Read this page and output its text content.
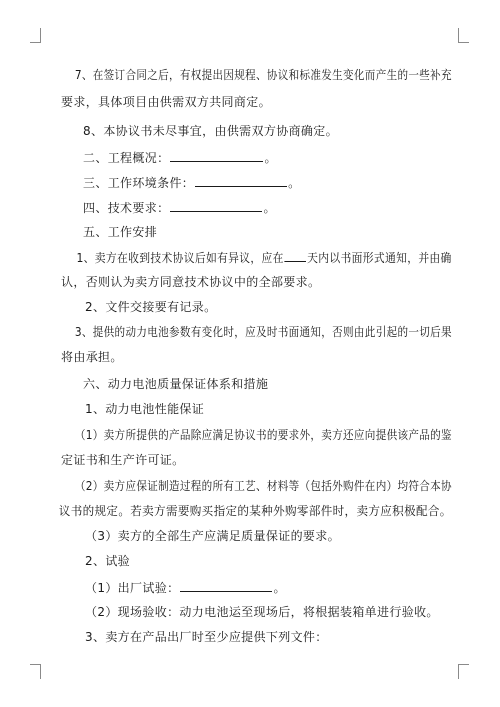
7、在签订合同之后，有权提出因规程、协议和标准发生变化而产生的一些补充
要求，具体项目由供需双方共同商定。
8、本协议书未尽事宜，由供需双方协商确定。
二、工程概况：	。
三、工作环境条件：	。
四、技术要求：	。
五、工作安排
1、卖方在收到技术协议后如有异议，应在 天内以书面形式通知，并由确
认，否则认为卖方同意技术协议中的全部要求。
2、文件交接要有记录。
3、提供的动力电池参数有变化时，应及时书面通知，否则由此引起的一切后果
将由承担。
六、动力电池质量保证体系和措施
1、动力电池性能保证
（1）卖方所提供的产品除应满足协议书的要求外，卖方还应向提供该产品的鉴
定证书和生产许可证。
（2）卖方应保证制造过程的所有工艺、材料等（包括外购件在内）均符合本协
议书的规定。若卖方需要购买指定的某种外购零部件时，卖方应积极配合。
（3）卖方的全部生产应满足质量保证的要求。
2、试验
（1）出厂试验：	。
（2）现场验收：动力电池运至现场后，将根据装箱单进行验收。
3、卖方在产品出厂时至少应提供下列文件：
